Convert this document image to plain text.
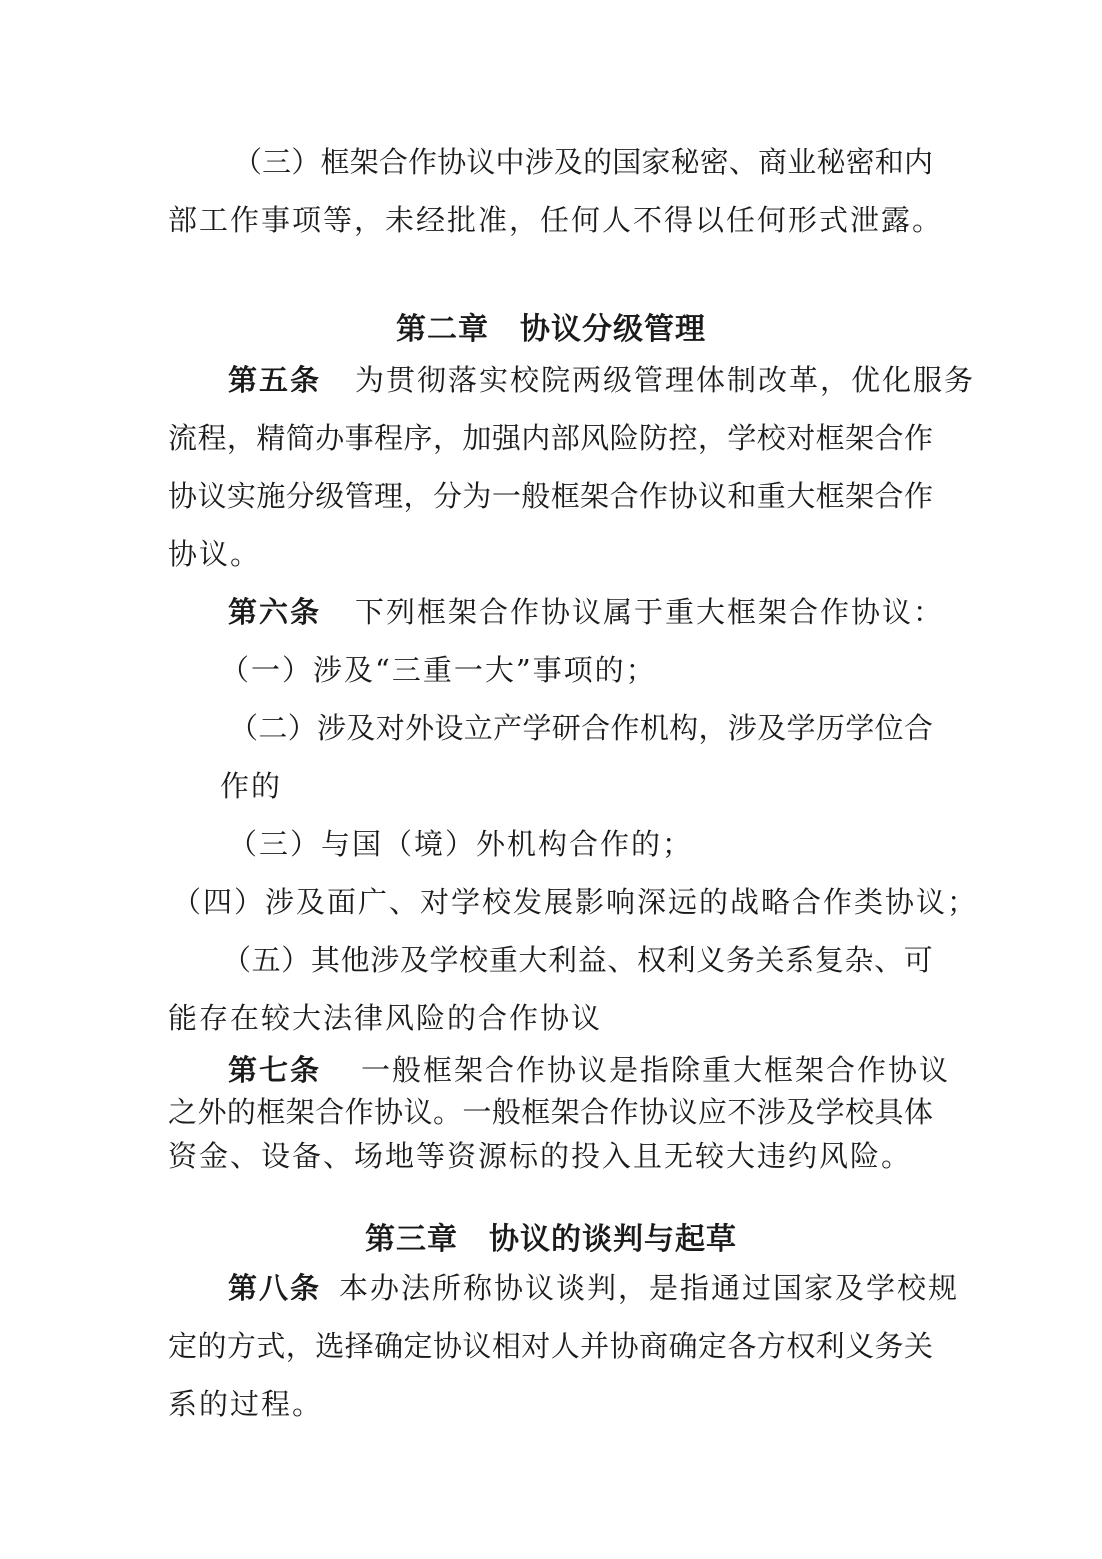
（ 三 ） 框 架 合 作 协 议 中 涉 及 的 国 家 秘 密 、 商 业 秘 密 和 内
部工作事项等，未经批准，任何人不得以任何形式泄露。
第二章　协议分级管理
第五条 为贯彻落实校院两级管理体制改革，优化服务
流 程 ， 精 简 办 事 程 序 ， 加 强 内 部 风 险 防 控 ， 学 校 对 框 架 合 作
协 议 实 施 分 级 管 理 ， 分 为 一 般 框 架 合 作 协 议 和 重 大 框 架 合 作
协议。
第六条 下列框架合作协议属于重大框架合作协议：
（一）涉及“三重一大”事项的；
（ 二 ） 涉 及 对 外 设 立 产 学 研 合 作 机 构 ， 涉 及 学 历 学 位 合
作的
（三）与国（境）外机构合作的；
（四）涉及面广、对学校发展影响深远的战略合作类协议；
（ 五 ） 其 他 涉 及 学 校 重 大 利 益 、 权 利 义 务 关 系 复 杂 、 可
能存在较大法律风险的合作协议
第七条 一般框架合作协议是指除重大框架合作协议
之 外 的 框 架 合 作 协 议 。 一 般 框 架 合 作 协 议 应 不 涉 及 学 校 具 体
资金、设备、场地等资源标的投入且无较大违约风险。
第三章　协议的谈判与起草
第八条 本办法所称协议谈判，是指通过国家及学校规
定 的 方 式 ， 选 择 确 定 协 议 相 对 人 并 协 商 确 定 各 方 权 利 义 务 关
系的过程。
